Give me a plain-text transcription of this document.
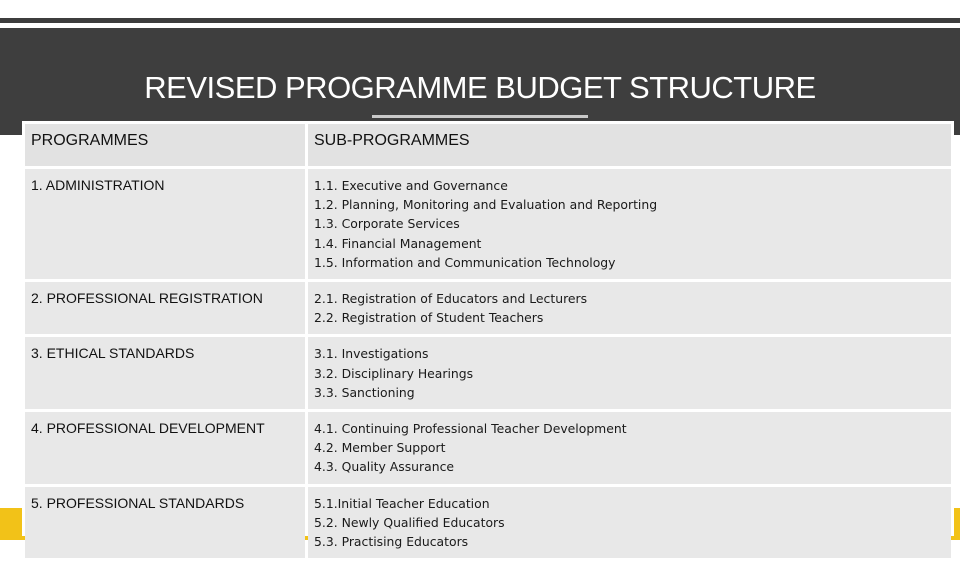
REVISED PROGRAMME BUDGET STRUCTURE
PROGRAMMES	SUB-PROGRAMMES
1. ADMINISTRATION	1.1. Executive and Governance
1.2. Planning, Monitoring and Evaluation and Reporting
1.3. Corporate Services
1.4. Financial Management
1.5. Information and Communication Technology

2. PROFESSIONAL REGISTRATION	2.1. Registration of Educators and Lecturers
2.2. Registration of Student Teachers

3. ETHICAL STANDARDS	3.1. Investigations
3.2. Disciplinary Hearings
3.3. Sanctioning

4. PROFESSIONAL DEVELOPMENT	4.1. Continuing Professional Teacher Development
4.2. Member Support
4.3. Quality Assurance

5. PROFESSIONAL STANDARDS	5.1.Initial Teacher Education
5.2. Newly Qualified Educators
5.3. Practising Educators
